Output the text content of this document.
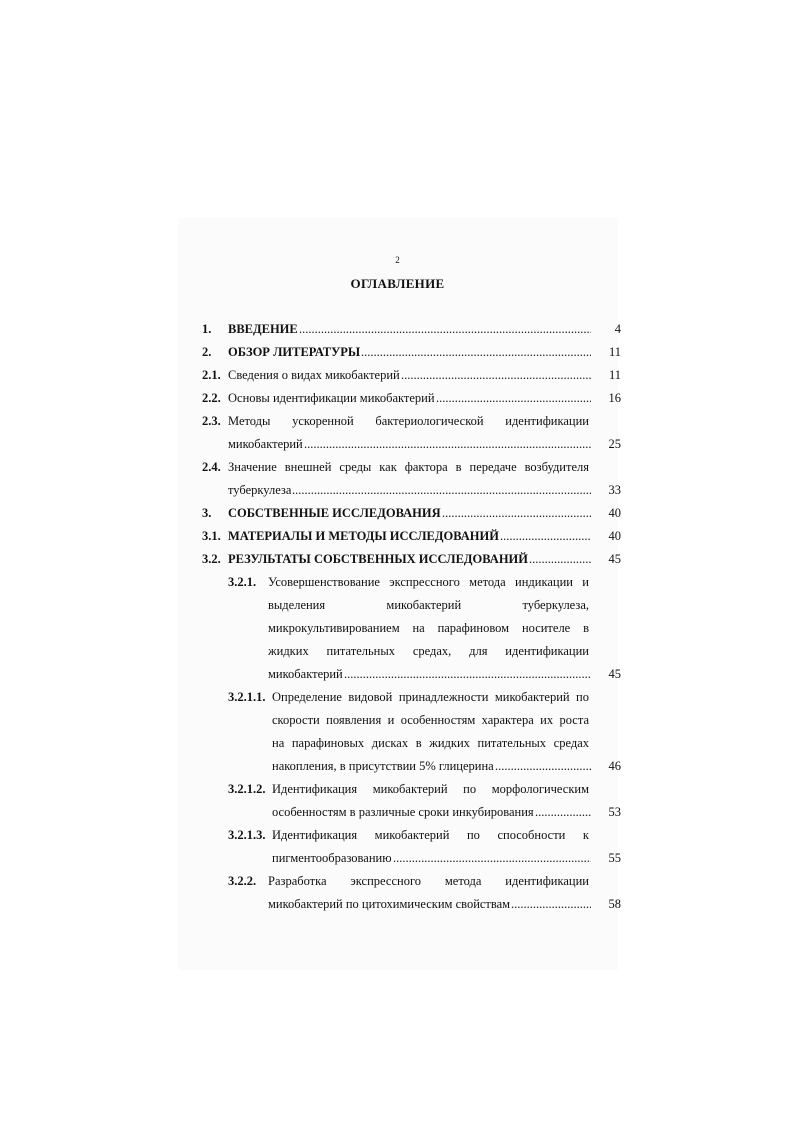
2
ОГЛАВЛЕНИЕ
1. ВВЕДЕНИЕ .....	4
2. ОБЗОР ЛИТЕРАТУРЫ .....	11
2.1. Сведения о видах микобактерий .....	11
2.2. Основы идентификации микобактерий .....	16
2.3. Методы ускоренной бактериологической идентификации
микобактерий .....	25
2.4. Значение внешней среды как фактора в передаче возбудителя
туберкулеза .....	33
3. СОБСТВЕННЫЕ ИССЛЕДОВАНИЯ .....	40
3.1. МАТЕРИАЛЫ И МЕТОДЫ ИССЛЕДОВАНИЙ .....	40
3.2. РЕЗУЛЬТАТЫ СОБСТВЕННЫХ ИССЛЕДОВАНИЙ .....	45
3.2.1. Усовершенствование экспрессного метода индикации и
выделения микобактерий туберкулеза,
микрокультивированием на парафиновом носителе в
жидких питательных средах, для идентификации
микобактерий .....	45
3.2.1.1. Определение видовой принадлежности микобактерий по
скорости появления и особенностям характера их роста
на парафиновых дисках в жидких питательных средах
накопления, в присутствии 5% глицерина .....	46
3.2.1.2. Идентификация микобактерий по морфологическим
особенностям в различные сроки инкубирования .....	53
3.2.1.3. Идентификация микобактерий по способности к
пигментообразованию .....	55
3.2.2. Разработка экспрессного метода идентификации
микобактерий по цитохимическим свойствам .....	58
